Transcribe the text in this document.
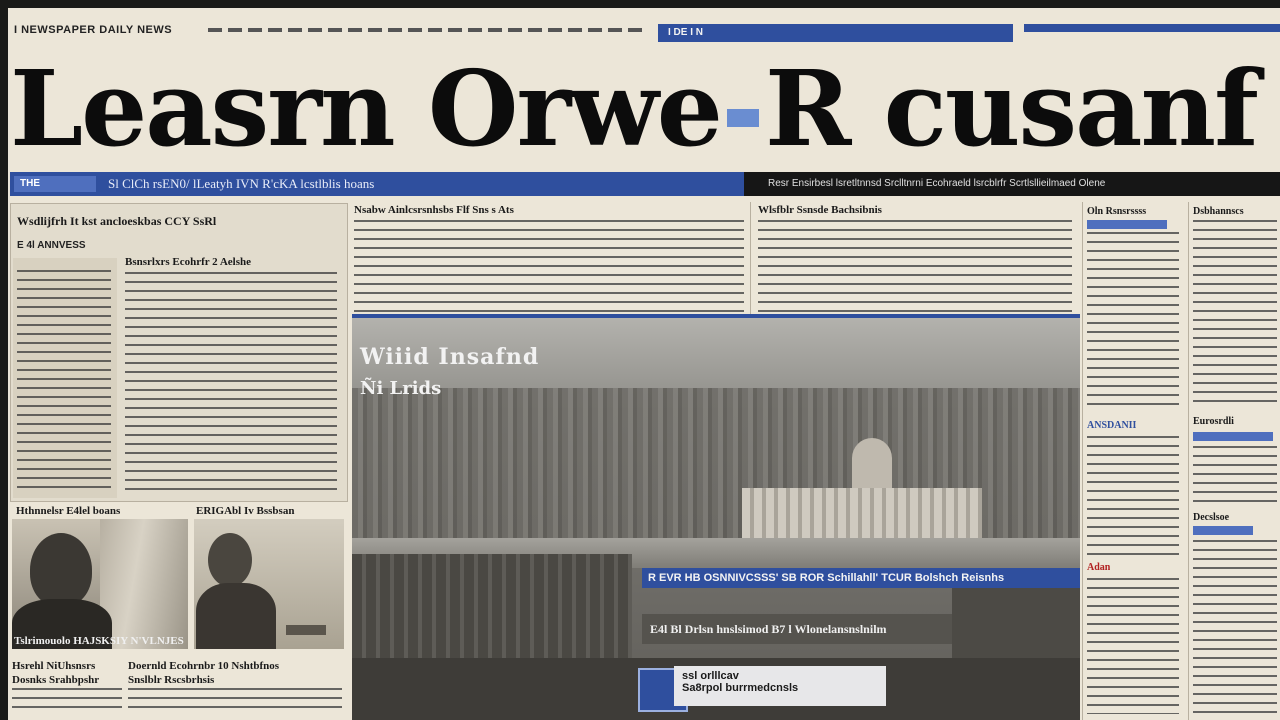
I NEWSPAPER DAILY NEWS	I DE I N
Leasrn Orwe R cusanf
THE	Sl ClCh rsEN0/ lLeatyh IVN R'cKA lcstlblis hoans	Resr Ensirbesl lsretltnnsd Srclltnrni Ecohraeld lsrcblrfr Scrtlsllieilmaed Olene
Wsdlijfrh It kst ancloeskbas CCY SsRl
E 4l ANNVESS
Bsnsrlxrs Ecohrfr 2 Aelshe
Hthnnelsr E4lel boans	ERIGAbl Iv Bssbsan
Tslrimouolo HAJSKSIY N'VLNJES
Hsrehl NiUhsnsrs
Dosnks Srahbpshr
Doernld Ecohrnbr 10 Nshtbfnos
Snslblr Rscsbrhsis
Nsabw Ainlcsrsnhsbs Flf Sns s Ats	Wlsfblr Ssnsde Bachsibnis
Wiiid Insafnd
Ñi Lrids
R EVR HB OSNNIVCSSS' SB ROR Schillahll' TCUR Bolshch Reisnhs
E4l Bl Drlsn hnslsimod B7 l Wlonelansnslnilm
ssl orlllcav
Sa8rpol burrmedcnsls
Oln Rsnsrssss
ANSDANII
Adan
Dsbhannscs
Eurosrdli
Decslsoe
